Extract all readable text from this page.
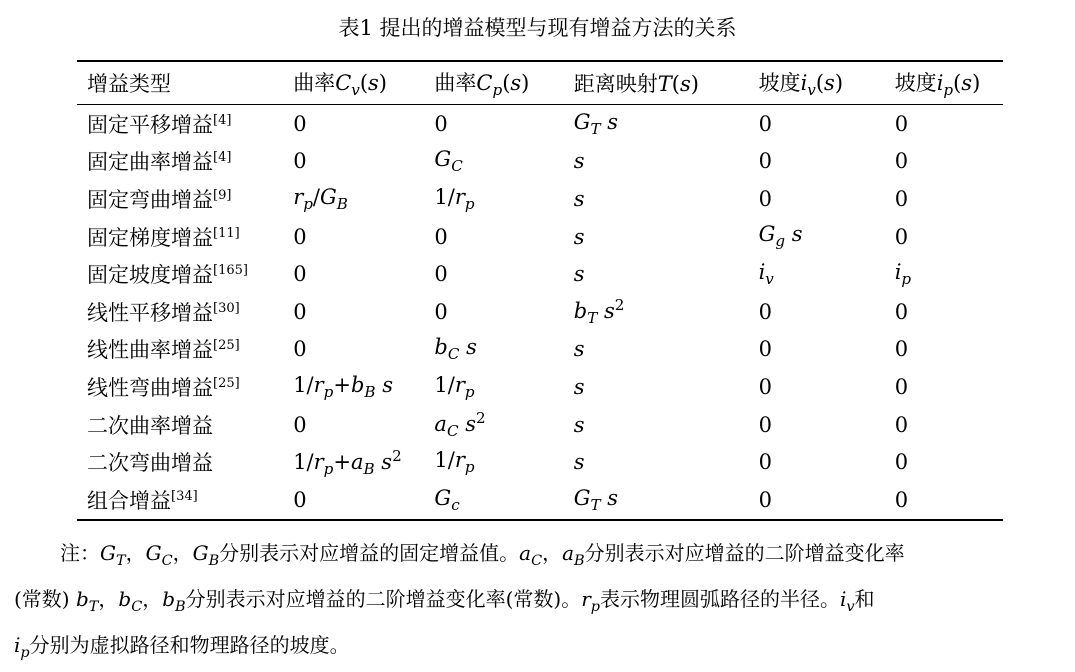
表1 提出的增益模型与现有增益方法的关系
增益类型	曲率$C_v(s)$	曲率$C_p(s)$	距离映射T(s)	坡度$i_v(s)$	坡度$i_p(s)$
固定平移增益[4]	0	0	$G_T$ s	0	0
固定曲率增益[4]	0	$G_C$	s	0	0
固定弯曲增益[9]	$r_p/G_B$	$1/r_p$	s	0	0
固定梯度增益[11]	0	0	s	$G_g$ s	0
固定坡度增益[165]	0	0	s	$i_v$	$i_p$
线性平移增益[30]	0	0	$b_T$ $s^2$	0	0
线性曲率增益[25]	0	$b_C$ s	s	0	0
线性弯曲增益[25]	$1/r_p+b_B$ s	$1/r_p$	s	0	0
二次曲率增益	0	$a_C$ $s^2$	s	0	0
二次弯曲增益	$1/r_p+a_B$ $s^2$	$1/r_p$	s	0	0
组合增益[34]	0	$G_c$	$G_T$ s	0	0

注：$G_T$，$G_C$，$G_B$分别表示对应增益的固定增益值。$a_C$，$a_B$分别表示对应增益的二阶增益变化率

(常数) $b_T$，$b_C$，$b_B$分别表示对应增益的二阶增益变化率(常数)。$r_p$表示物理圆弧路径的半径。$i_v$和

$i_p$分别为虚拟路径和物理路径的坡度。
